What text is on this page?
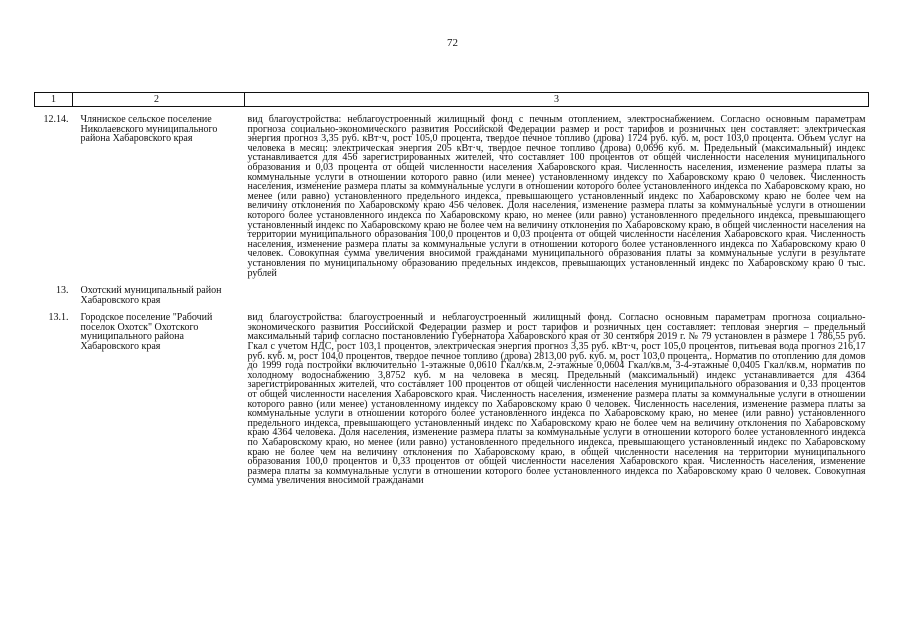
72
1	2	3

12.14.	Чляниское сельское поселение Николаевского муниципального района Хабаровского края	вид благоустройства: неблагоустроенный жилищный фонд с печным отоплением, электроснабжением. Согласно основным параметрам прогноза социально-экономического развития Российской Федерации размер и рост тарифов и розничных цен составляет: электрическая энергия прогноз 3,35 руб. кВт·ч, рост 105,0 процента, твердое печное топливо (дрова) 1724 руб. куб. м, рост 103,0 процента. Объем услуг на человека в месяц: электрическая энергия 205 кВт·ч, твердое печное топливо (дрова) 0,0696 куб. м. Предельный (максимальный) индекс устанавливается для 456 зарегистрированных жителей, что составляет 100 процентов от общей численности населения муниципального образования и 0,03 процента от общей численности населения Хабаровского края. Численность населения, изменение размера платы за коммунальные услуги в отношении которого равно (или менее) установленному индексу по Хабаровскому краю 0 человек. Численность населения, изменение размера платы за коммунальные услуги в отношении которого более установленного индекса по Хабаровскому краю, но менее (или равно) установленного предельного индекса, превышающего установленный индекс по Хабаровскому краю не более чем на величину отклонения по Хабаровскому краю 456 человек. Доля населения, изменение размера платы за коммунальные услуги в отношении которого более установленного индекса по Хабаровскому краю, но менее (или равно) установленного предельного индекса, превышающего установленный индекс по Хабаровскому краю не более чем на величину отклонения по Хабаровскому краю, в общей численности населения на территории муниципального образования 100,0 процентов и 0,03 процента от общей численности населения Хабаровского края. Численность населения, изменение размера платы за коммунальные услуги в отношении которого более установленного индекса по Хабаровскому краю 0 человек. Совокупная сумма увеличения вносимой гражданами муниципального образования платы за коммунальные услуги в результате установления по муниципальному образованию предельных индексов, превышающих установленный индекс по Хабаровскому краю 0 тыс. рублей

13.	Охотский муниципальный район Хабаровского края	

13.1.	Городское поселение "Рабочий поселок Охотск" Охотского муниципального района Хабаровского края	вид благоустройства: благоустроенный и неблагоустроенный жилищный фонд. Согласно основным параметрам прогноза социально-экономического развития Российской Федерации размер и рост тарифов и розничных цен составляет: тепловая энергия – предельный максимальный тариф согласно постановлению Губернатора Хабаровского края от 30 сентября 2019 г. № 79 установлен в размере 1 786,55 руб. Гкал с учетом НДС, рост 103,1 процентов, электрическая энергия прогноз 3,35 руб. кВт·ч, рост 105,0 процентов, питьевая вода прогноз 216,17 руб. куб. м, рост 104,0 процентов, твердое печное топливо (дрова) 2813,00 руб. куб. м, рост 103,0 процента,. Норматив по отоплению для домов до 1999 года постройки включительно 1-этажные 0,0610 Гкал/кв.м, 2-этажные 0,0604 Гкал/кв.м, 3-4-этажные 0,0405 Гкал/кв.м, норматив по холодному водоснабжению 3,8752 куб. м на человека в месяц. Предельный (максимальный) индекс устанавливается для 4364 зарегистрированных жителей, что составляет 100 процентов от общей численности населения муниципального образования и 0,33 процентов от общей численности населения Хабаровского края. Численность населения, изменение размера платы за коммунальные услуги в отношении которого равно (или менее) установленному индексу по Хабаровскому краю 0 человек. Численность населения, изменение размера платы за коммунальные услуги в отношении которого более установленного индекса по Хабаровскому краю, но менее (или равно) установленного предельного индекса, превышающего установленный индекс по Хабаровскому краю не более чем на величину отклонения по Хабаровскому краю 4364 человека. Доля населения, изменение размера платы за коммунальные услуги в отношении которого более установленного индекса по Хабаровскому краю, но менее (или равно) установленного предельного индекса, превышающего установленный индекс по Хабаровскому краю не более чем на величину отклонения по Хабаровскому краю, в общей численности населения на территории муниципального образования 100,0 процентов и 0,33 процентов от общей численности населения Хабаровского края. Численность населения, изменение размера платы за коммунальные услуги в отношении которого более установленного индекса по Хабаровскому краю 0 человек. Совокупная сумма увеличения вносимой гражданами
